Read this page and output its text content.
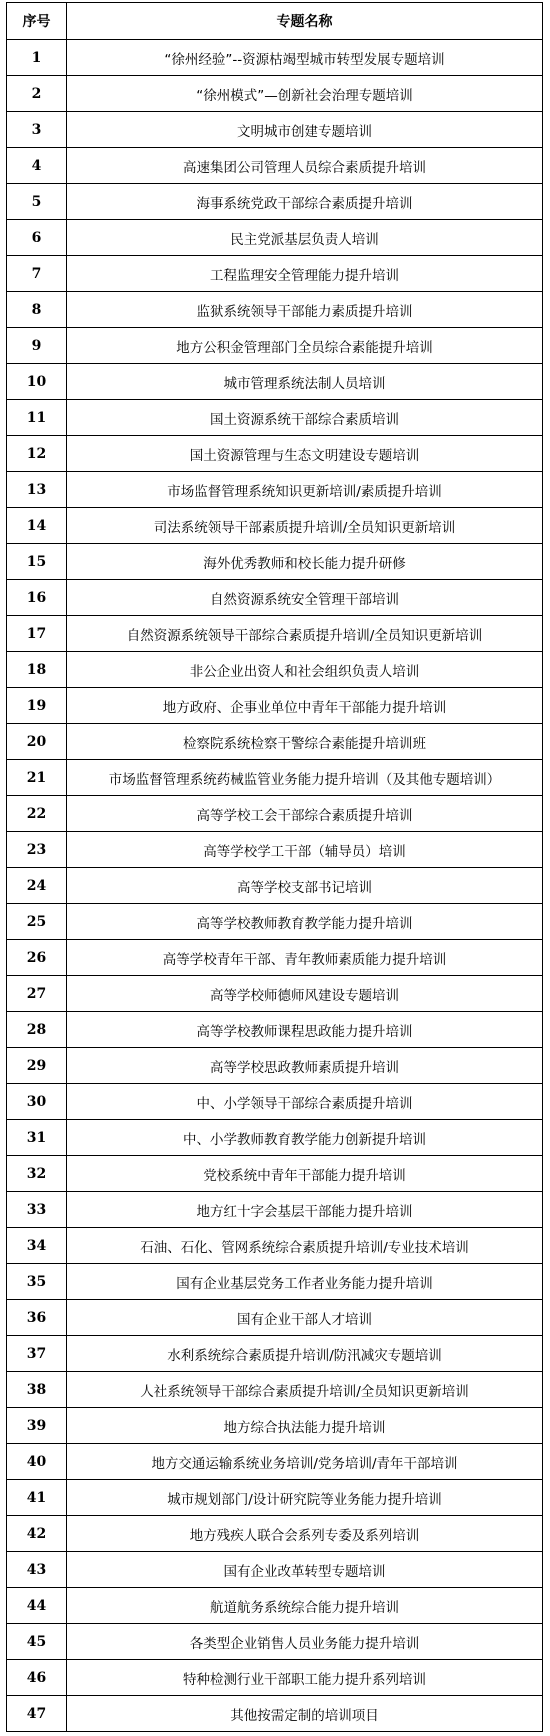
序号	专题名称
1	“徐州经验”--资源枯竭型城市转型发展专题培训
2	“徐州模式”—创新社会治理专题培训
3	文明城市创建专题培训
4	高速集团公司管理人员综合素质提升培训
5	海事系统党政干部综合素质提升培训
6	民主党派基层负责人培训
7	工程监理安全管理能力提升培训
8	监狱系统领导干部能力素质提升培训
9	地方公积金管理部门全员综合素能提升培训
10	城市管理系统法制人员培训
11	国土资源系统干部综合素质培训
12	国土资源管理与生态文明建设专题培训
13	市场监督管理系统知识更新培训/素质提升培训
14	司法系统领导干部素质提升培训/全员知识更新培训
15	海外优秀教师和校长能力提升研修
16	自然资源系统安全管理干部培训
17	自然资源系统领导干部综合素质提升培训/全员知识更新培训
18	非公企业出资人和社会组织负责人培训
19	地方政府、企事业单位中青年干部能力提升培训
20	检察院系统检察干警综合素能提升培训班
21	市场监督管理系统药械监管业务能力提升培训（及其他专题培训）
22	高等学校工会干部综合素质提升培训
23	高等学校学工干部（辅导员）培训
24	高等学校支部书记培训
25	高等学校教师教育教学能力提升培训
26	高等学校青年干部、青年教师素质能力提升培训
27	高等学校师德师风建设专题培训
28	高等学校教师课程思政能力提升培训
29	高等学校思政教师素质提升培训
30	中、小学领导干部综合素质提升培训
31	中、小学教师教育教学能力创新提升培训
32	党校系统中青年干部能力提升培训
33	地方红十字会基层干部能力提升培训
34	石油、石化、管网系统综合素质提升培训/专业技术培训
35	国有企业基层党务工作者业务能力提升培训
36	国有企业干部人才培训
37	水利系统综合素质提升培训/防汛减灾专题培训
38	人社系统领导干部综合素质提升培训/全员知识更新培训
39	地方综合执法能力提升培训
40	地方交通运输系统业务培训/党务培训/青年干部培训
41	城市规划部门/设计研究院等业务能力提升培训
42	地方残疾人联合会系列专委及系列培训
43	国有企业改革转型专题培训
44	航道航务系统综合能力提升培训
45	各类型企业销售人员业务能力提升培训
46	特种检测行业干部职工能力提升系列培训
47	其他按需定制的培训项目
